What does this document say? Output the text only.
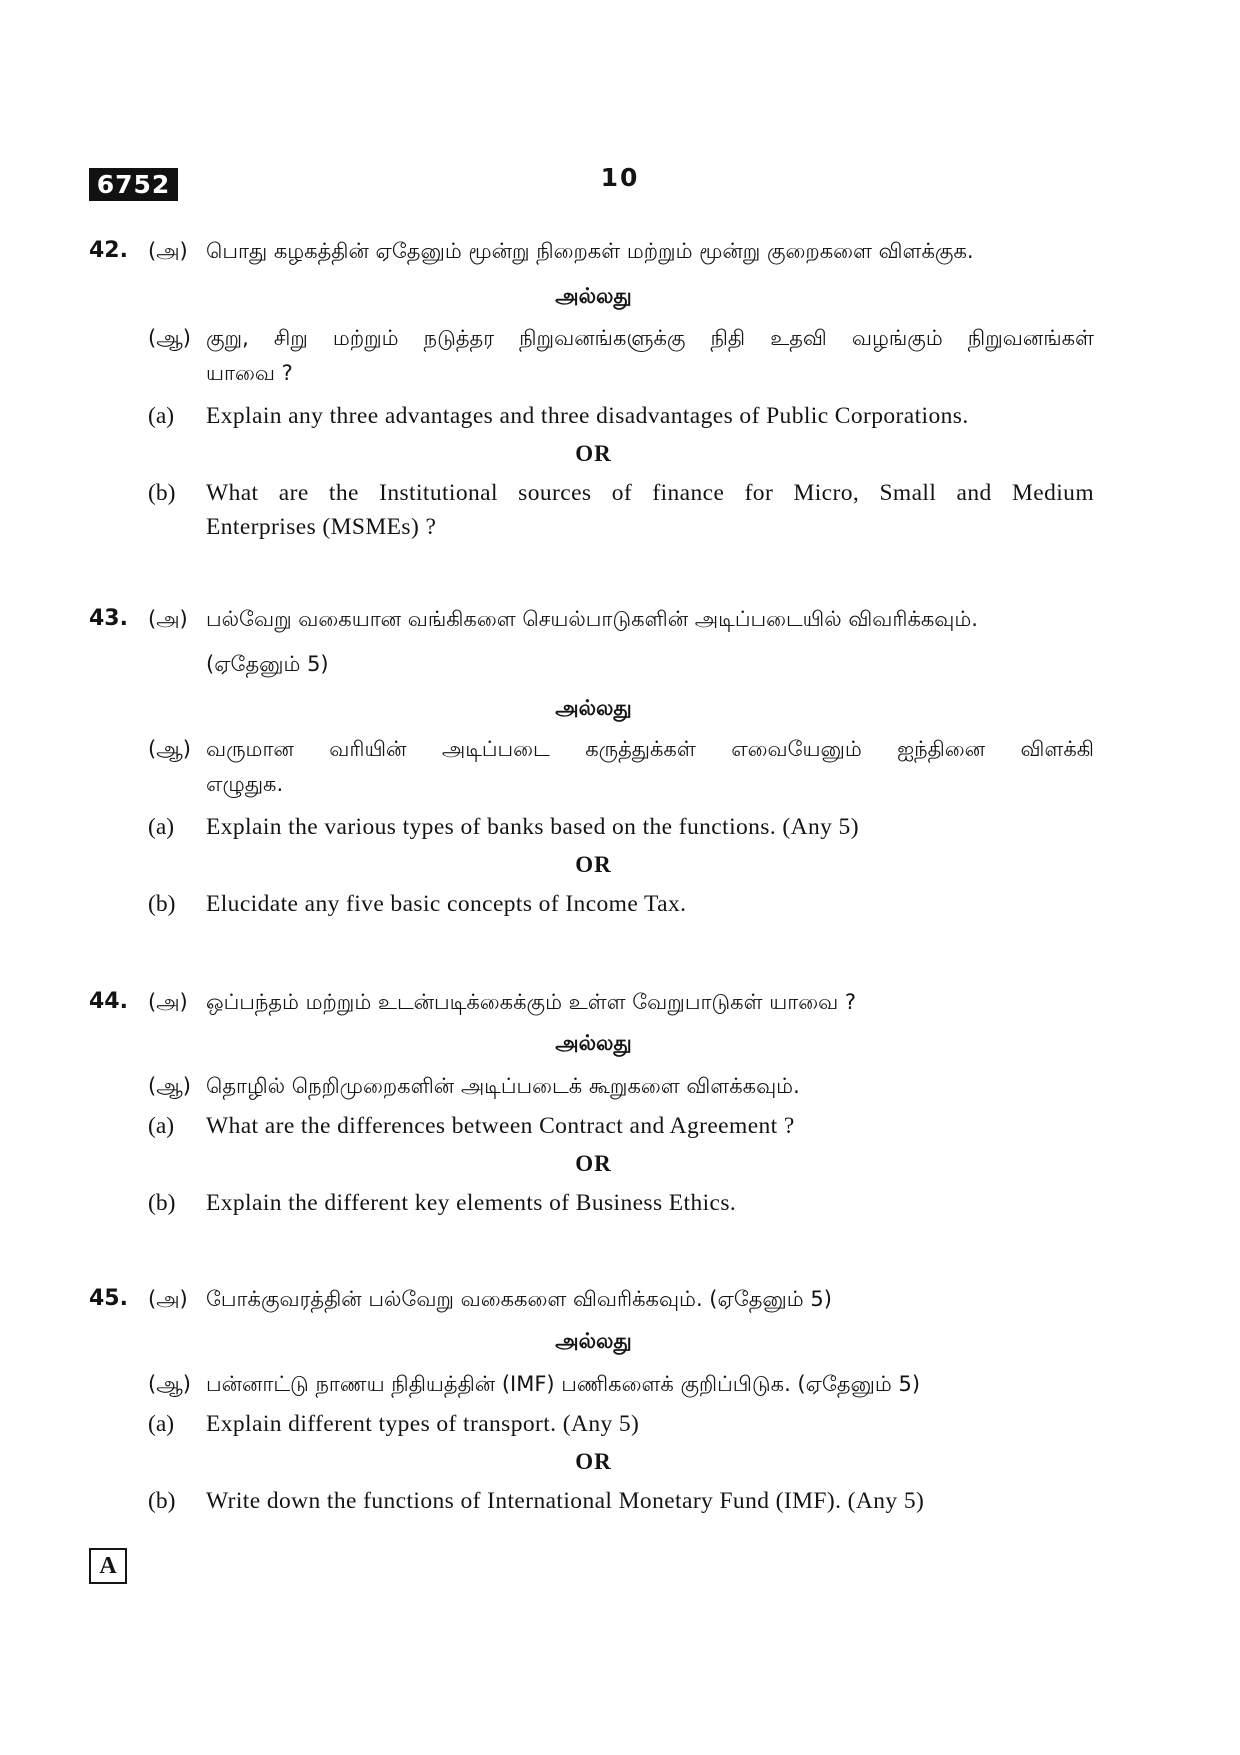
6752	10
42. (அ) பொது கழகத்தின் ஏதேனும் மூன்று நிறைகள் மற்றும் மூன்று குறைகளை விளக்குக.
அல்லது
(ஆ) குறு, சிறு மற்றும் நடுத்தர நிறுவனங்களுக்கு நிதி உதவி வழங்கும் நிறுவனங்கள்
யாவை ?
(a) Explain any three advantages and three disadvantages of Public Corporations.
OR
(b) What are the Institutional sources of finance for Micro, Small and Medium
Enterprises (MSMEs) ?
43. (அ) பல்வேறு வகையான வங்கிகளை செயல்பாடுகளின் அடிப்படையில் விவரிக்கவும்.
(ஏதேனும் 5)
அல்லது
(ஆ) வருமான வரியின் அடிப்படை கருத்துக்கள் எவையேனும் ஐந்தினை விளக்கி
எழுதுக.
(a) Explain the various types of banks based on the functions. (Any 5)
OR
(b) Elucidate any five basic concepts of Income Tax.
44. (அ) ஒப்பந்தம் மற்றும் உடன்படிக்கைக்கும் உள்ள வேறுபாடுகள் யாவை ?
அல்லது
(ஆ) தொழில் நெறிமுறைகளின் அடிப்படைக் கூறுகளை விளக்கவும்.
(a) What are the differences between Contract and Agreement ?
OR
(b) Explain the different key elements of Business Ethics.
45. (அ) போக்குவரத்தின் பல்வேறு வகைகளை விவரிக்கவும். (ஏதேனும் 5)
அல்லது
(ஆ) பன்னாட்டு நாணய நிதியத்தின் (IMF) பணிகளைக் குறிப்பிடுக. (ஏதேனும் 5)
(a) Explain different types of transport. (Any 5)
OR
(b) Write down the functions of International Monetary Fund (IMF). (Any 5)
A
